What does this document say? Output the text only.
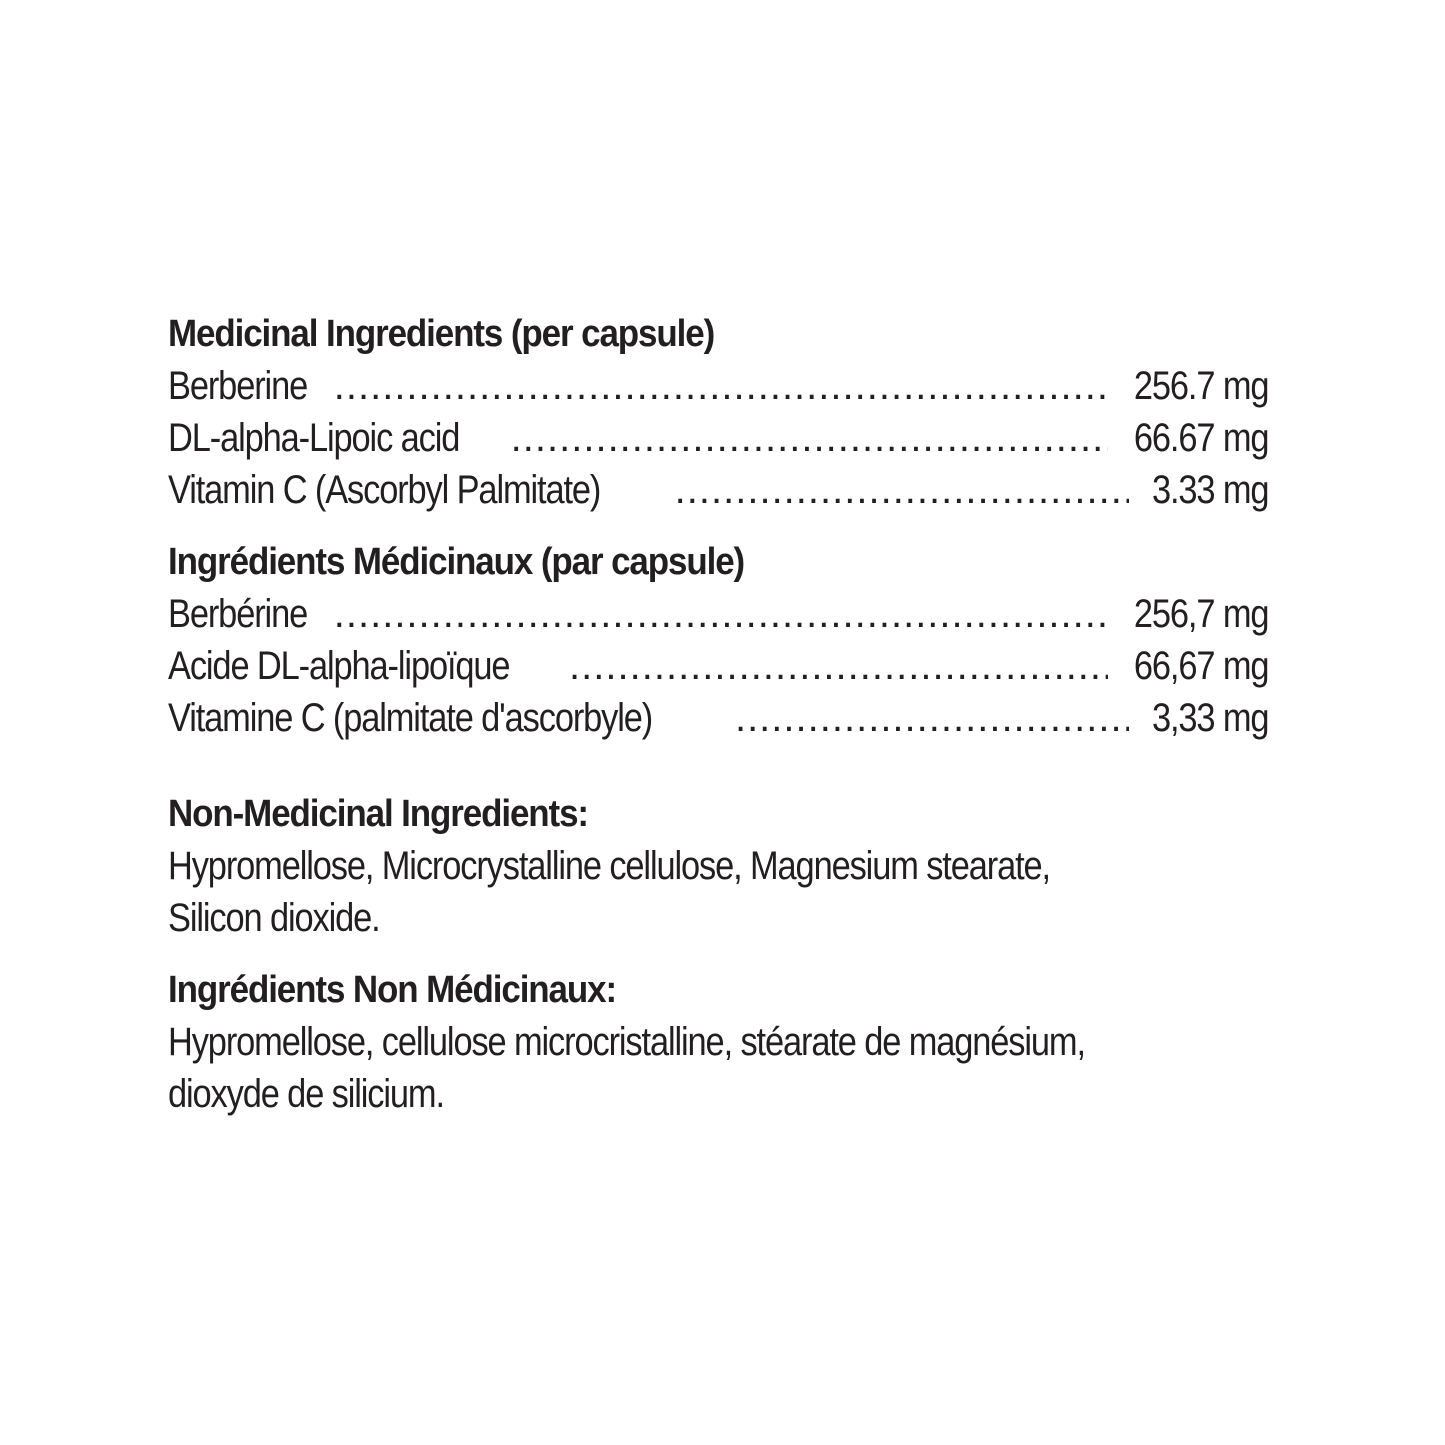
Medicinal Ingredients (per capsule)
Berberine .....	256.7 mg
DL-alpha-Lipoic acid .....	66.67 mg
Vitamin C (Ascorbyl Palmitate) .....	3.33 mg
Ingrédients Médicinaux (par capsule)
Berbérine .....	256,7 mg
Acide DL-alpha-lipoïque .....	66,67 mg
Vitamine C (palmitate d'ascorbyle) .....	3,33 mg
Non-Medicinal Ingredients:
Hypromellose, Microcrystalline cellulose, Magnesium stearate,
Silicon dioxide.
Ingrédients Non Médicinaux:
Hypromellose, cellulose microcristalline, stéarate de magnésium,
dioxyde de silicium.
